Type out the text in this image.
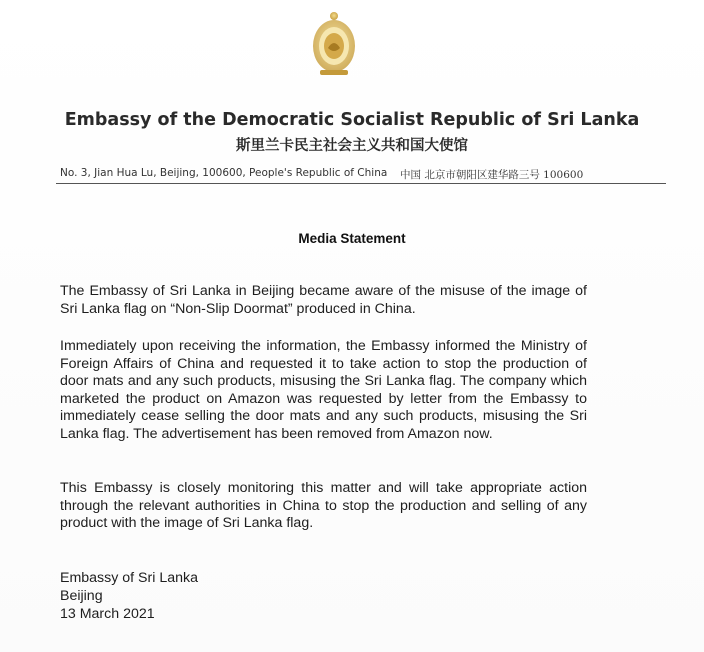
Embassy of the Democratic Socialist Republic of Sri Lanka
斯里兰卡民主社会主义共和国大使馆
No. 3, Jian Hua Lu, Beijing, 100600, People's Republic of China 中国 北京市朝阳区建华路三号 100600
Media Statement

The Embassy of Sri Lanka in Beijing became aware of the misuse of the image of Sri Lanka flag on “Non-Slip Doormat” produced in China.

Immediately upon receiving the information, the Embassy informed the Ministry of Foreign Affairs of China and requested it to take action to stop the production of door mats and any such products, misusing the Sri Lanka flag. The company which marketed the product on Amazon was requested by letter from the Embassy to immediately cease selling the door mats and any such products, misusing the Sri Lanka flag. The advertisement has been removed from Amazon now.

This Embassy is closely monitoring this matter and will take appropriate action through the relevant authorities in China to stop the production and selling of any product with the image of Sri Lanka flag.

Embassy of Sri Lanka
Beijing
13 March 2021
